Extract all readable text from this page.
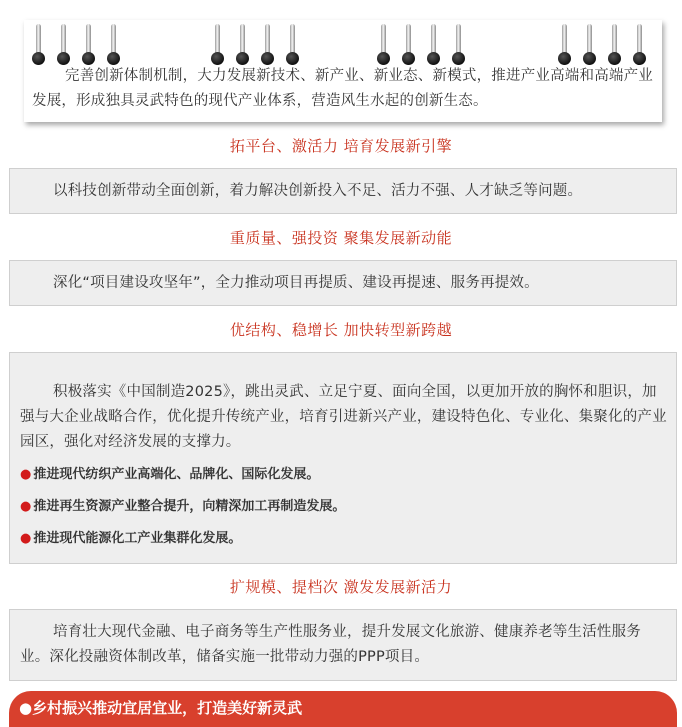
完善创新体制机制，大力发展新技术、新产业、新业态、新模式，推进产业高端和高端产业发展，形成独具灵武特色的现代产业体系，营造风生水起的创新生态。

拓平台、激活力 培育发展新引擎

以科技创新带动全面创新，着力解决创新投入不足、活力不强、人才缺乏等问题。

重质量、强投资 聚集发展新动能

深化“项目建设攻坚年”，全力推动项目再提质、建设再提速、服务再提效。

优结构、稳增长 加快转型新跨越

积极落实《中国制造2025》，跳出灵武、立足宁夏、面向全国，以更加开放的胸怀和胆识，加强与大企业战略合作，优化提升传统产业，培育引进新兴产业，建设特色化、专业化、集聚化的产业园区，强化对经济发展的支撑力。

● 推进现代纺织产业高端化、品牌化、国际化发展。
● 推进再生资源产业整合提升，向精深加工再制造发展。
● 推进现代能源化工产业集群化发展。
扩规模、提档次 激发发展新活力

培育壮大现代金融、电子商务等生产性服务业，提升发展文化旅游、健康养老等生活性服务业。深化投融资体制改革，储备实施一批带动力强的PPP项目。

●乡村振兴推动宜居宜业，打造美好新灵武
